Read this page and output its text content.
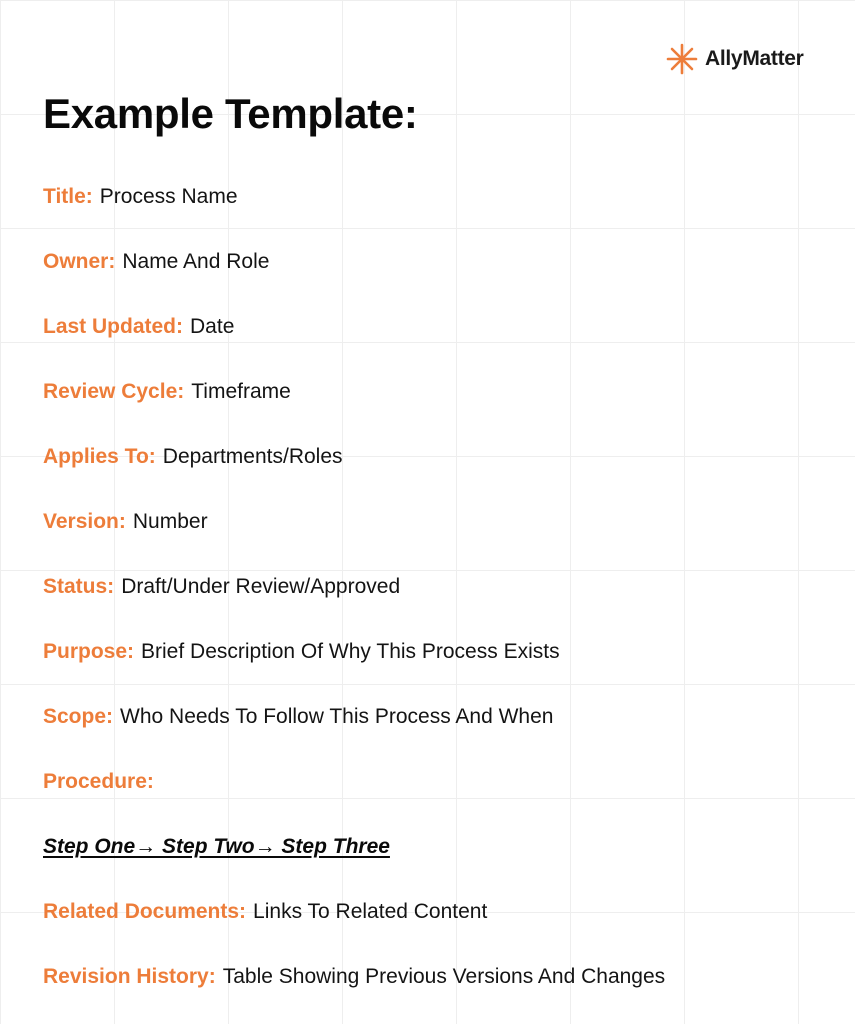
AllyMatter
Example Template:
Title: Process Name
Owner: Name And Role
Last Updated: Date
Review Cycle: Timeframe
Applies To: Departments/Roles
Version: Number
Status: Draft/Under Review/Approved
Purpose: Brief Description Of Why This Process Exists
Scope: Who Needs To Follow This Process And When
Procedure:
Step One→ Step Two→ Step Three
Related Documents: Links To Related Content
Revision History: Table Showing Previous Versions And Changes
